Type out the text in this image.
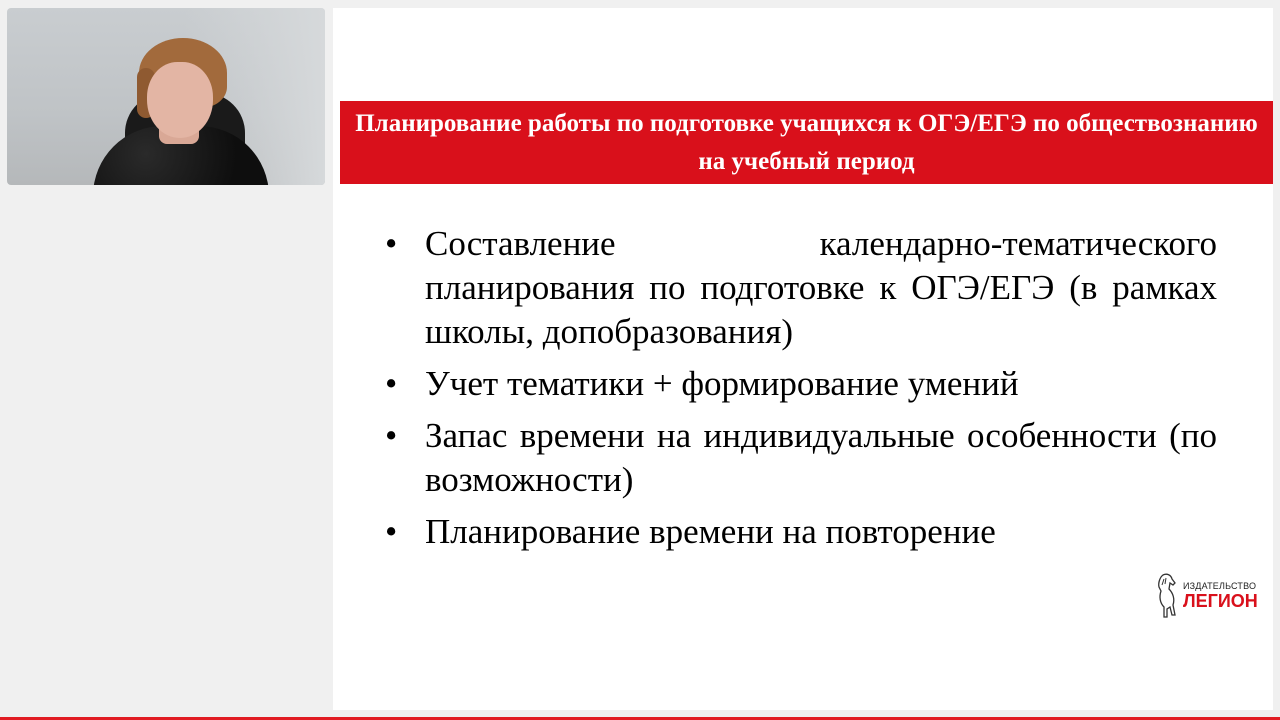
Планирование работы по подготовке учащихся к ОГЭ/ЕГЭ по обществознанию на учебный период
• Составление календарно-тематического планирования по подготовке к ОГЭ/ЕГЭ (в рамках школы, допобразования)
• Учет тематики + формирование умений
• Запас времени на индивидуальные особенности (по возможности)
• Планирование времени на повторение
ИЗДАТЕЛЬСТВО
ЛЕГИОН
